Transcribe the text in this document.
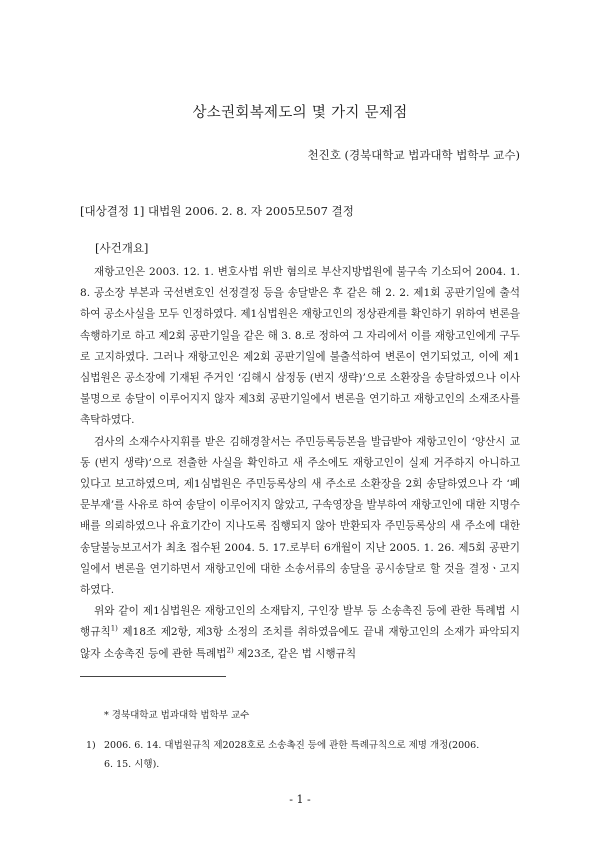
상소권회복제도의 몇 가지 문제점
천진호 (경북대학교 법과대학 법학부 교수)
[대상결정 1] 대법원 2006. 2. 8. 자 2005모507 결정
[사건개요]

재항고인은 2003. 12. 1. 변호사법 위반 혐의로 부산지방법원에 불구속 기소되어 2004. 1. 8. 공소장 부본과 국선변호인 선정결정 등을 송달받은 후 같은 해 2. 2. 제1회 공판기일에 출석하여 공소사실을 모두 인정하였다. 제1심법원은 재항고인의 정상관계를 확인하기 위하여 변론을 속행하기로 하고 제2회 공판기일을 같은 해 3. 8.로 정하여 그 자리에서 이를 재항고인에게 구두로 고지하였다. 그러나 재항고인은 제2회 공판기일에 불출석하여 변론이 연기되었고, 이에 제1심법원은 공소장에 기재된 주거인 ‘김해시 삼정동 (번지 생략)’으로 소환장을 송달하였으나 이사불명으로 송달이 이루어지지 않자 제3회 공판기일에서 변론을 연기하고 재항고인의 소재조사를 촉탁하였다.

검사의 소재수사지휘를 받은 김해경찰서는 주민등록등본을 발급받아 재항고인이 ‘양산시 교동 (번지 생략)’으로 전출한 사실을 확인하고 새 주소에도 재항고인이 실제 거주하지 아니하고 있다고 보고하였으며, 제1심법원은 주민등록상의 새 주소로 소환장을 2회 송달하였으나 각 ‘폐문부재’를 사유로 하여 송달이 이루어지지 않았고, 구속영장을 발부하여 재항고인에 대한 지명수배를 의뢰하였으나 유효기간이 지나도록 집행되지 않아 반환되자 주민등록상의 새 주소에 대한 송달불능보고서가 최초 접수된 2004. 5. 17.로부터 6개월이 지난 2005. 1. 26. 제5회 공판기일에서 변론을 연기하면서 재항고인에 대한 소송서류의 송달을 공시송달로 할 것을 결정ㆍ고지하였다.

위와 같이 제1심법원은 재항고인의 소재탐지, 구인장 발부 등 소송촉진 등에 관한 특례법 시행규칙$^{1)}$ 제18조 제2항, 제3항 소정의 조치를 취하였음에도 끝내 재항고인의 소재가 파악되지 않자 소송촉진 등에 관한 특례법$^{2)}$ 제23조, 같은 법 시행규칙

* 경북대학교 법과대학 법학부 교수
1) 2006. 6. 14. 대법원규칙 제2028호로 소송촉진 등에 관한 특례규칙으로 제명 개정(2006.
6. 15. 시행).
- 1 -
